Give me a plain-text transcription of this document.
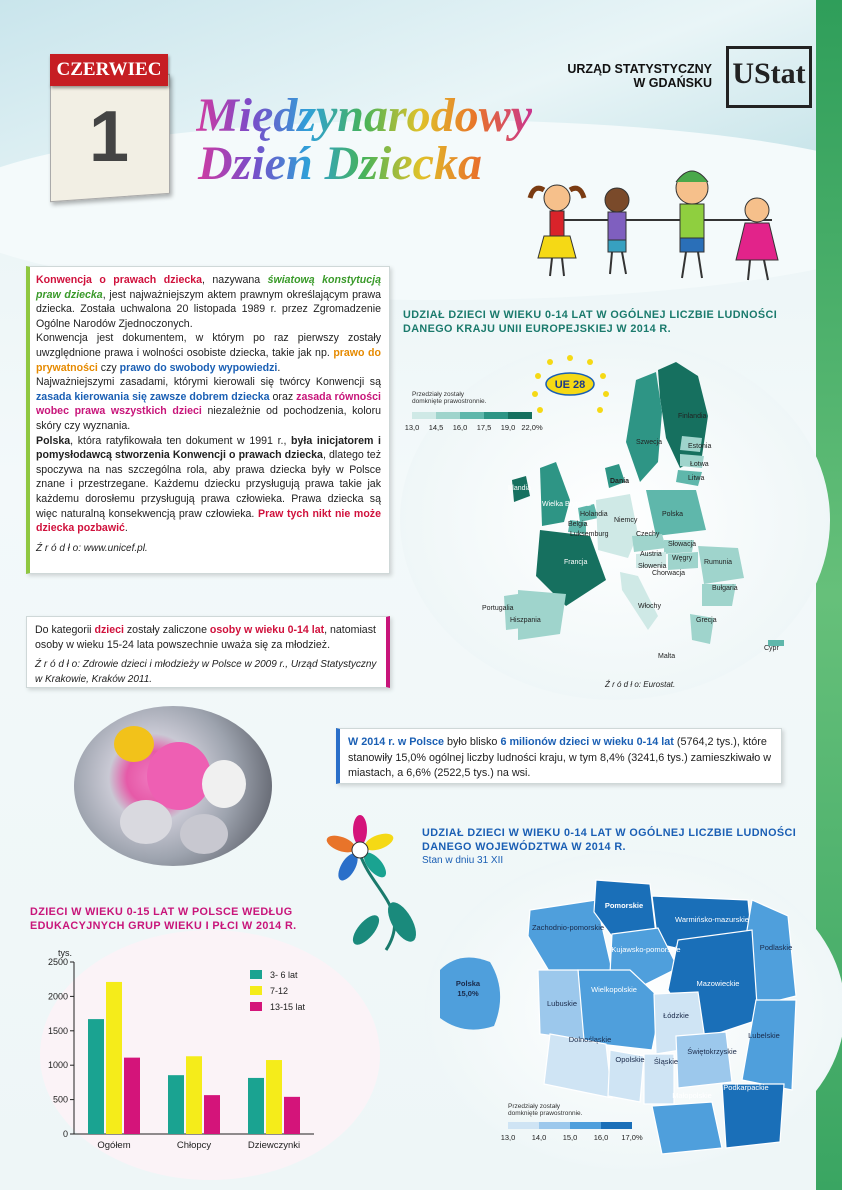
CZERWIEC
1	Międzynarodowy
Dzień Dziecka
URZĄD STATYSTYCZNY
W GDAŃSKU UStat

Konwencja o prawach dziecka, nazywana światową konstytucją praw dziecka, jest najważniejszym aktem prawnym określającym prawa dziecka. Została uchwalona 20 listopada 1989 r. przez Zgromadzenie Ogólne Narodów Zjednoczonych.

Konwencja jest dokumentem, w którym po raz pierwszy zostały uwzględnione prawa i wolności osobiste dziecka, takie jak np. prawo do prywatności czy prawo do swobody wypowiedzi.

Najważniejszymi zasadami, którymi kierowali się twórcy Konwencji są zasada kierowania się zawsze dobrem dziecka oraz zasada równości wobec prawa wszystkich dzieci niezależnie od pochodzenia, koloru skóry czy wyznania.

Polska, która ratyfikowała ten dokument w 1991 r., była inicjatorem i pomysłodawcą stworzenia Konwencji o prawach dziecka, dlatego też spoczywa na nas szczególna rola, aby prawa dziecka były w Polsce znane i przestrzegane. Każdemu dziecku przysługują prawa takie jak każdemu dorosłemu przysługują prawa człowieka. Prawa dziecka są więc naturalną konsekwencją praw człowieka. Praw tych nikt nie może dziecka pozbawić.

Ź r ó d ł o: www.unicef.pl.

Do kategorii dzieci zostały zaliczone osoby w wieku 0-14 lat, natomiast osoby w wieku 15-24 lata powszechnie uważa się za młodzież.

Ź r ó d ł o: Zdrowie dzieci i młodzieży w Polsce w 2009 r., Urząd Statystyczny w Krakowie, Kraków 2011.

UDZIAŁ DZIECI W WIEKU 0-14 LAT W OGÓLNEJ LICZBIE LUDNOŚCI
DANEGO KRAJU UNII EUROPEJSKIEJ W 2014 R.
UE 28
Przedziały zostały domknięte prawostronnie.
13,0 14,5 16,0 17,5 19,0 22,0%
Finlandia
Szwecja
Estonia
Łotwa
Litwa
Dania
Irlandia
Wielka Brytania
Holandia
Belgia
Luksemburg
Niemcy
Polska
Czechy
Słowacja
Austria
Węgry
Słowenia
Chorwacja
Rumunia
Bułgaria
Francja
Portugalia
Hiszpania
Włochy
Grecja
Malta
Cypr
Ź r ó d ł o: Eurostat.

W 2014 r. w Polsce było blisko 6 milionów dzieci w wieku 0-14 lat (5764,2 tys.), które stanowiły 15,0% ogólnej liczby ludności kraju, w tym 8,4% (3241,6 tys.) zamieszkiwało w miastach, a 6,6% (2522,5 tys.) na wsi.

UDZIAŁ DZIECI W WIEKU 0-14 LAT W OGÓLNEJ LICZBIE LUDNOŚCI
DANEGO WOJEWÓDZTWA W 2014 R.
Stan w dniu 31 XII
Polska
15,0%
Pomorskie
Zachodnio-pomorskie
Warmińsko-mazurskie
Podlaskie
Kujawsko-pomorskie
Mazowieckie
Wielkopolskie
Lubuskie
Łódzkie
Lubelskie
Dolnośląskie
Opolskie Śląskie
Świętokrzyskie
Małopolskie
Podkarpackie
Przedziały zostały domknięte prawostronnie.
13,0 14,0 15,0 16,0 17,0%
DZIECI W WIEKU 0-15 LAT W POLSCE WEDŁUG EDUKACYJNYCH GRUP WIEKU I PŁCI W 2014 R.
tys.
0
500
1000
1500
2000
2500
Ogółem	Chłopcy	Dziewczynki
3- 6 lat
7-12
13-15 lat
